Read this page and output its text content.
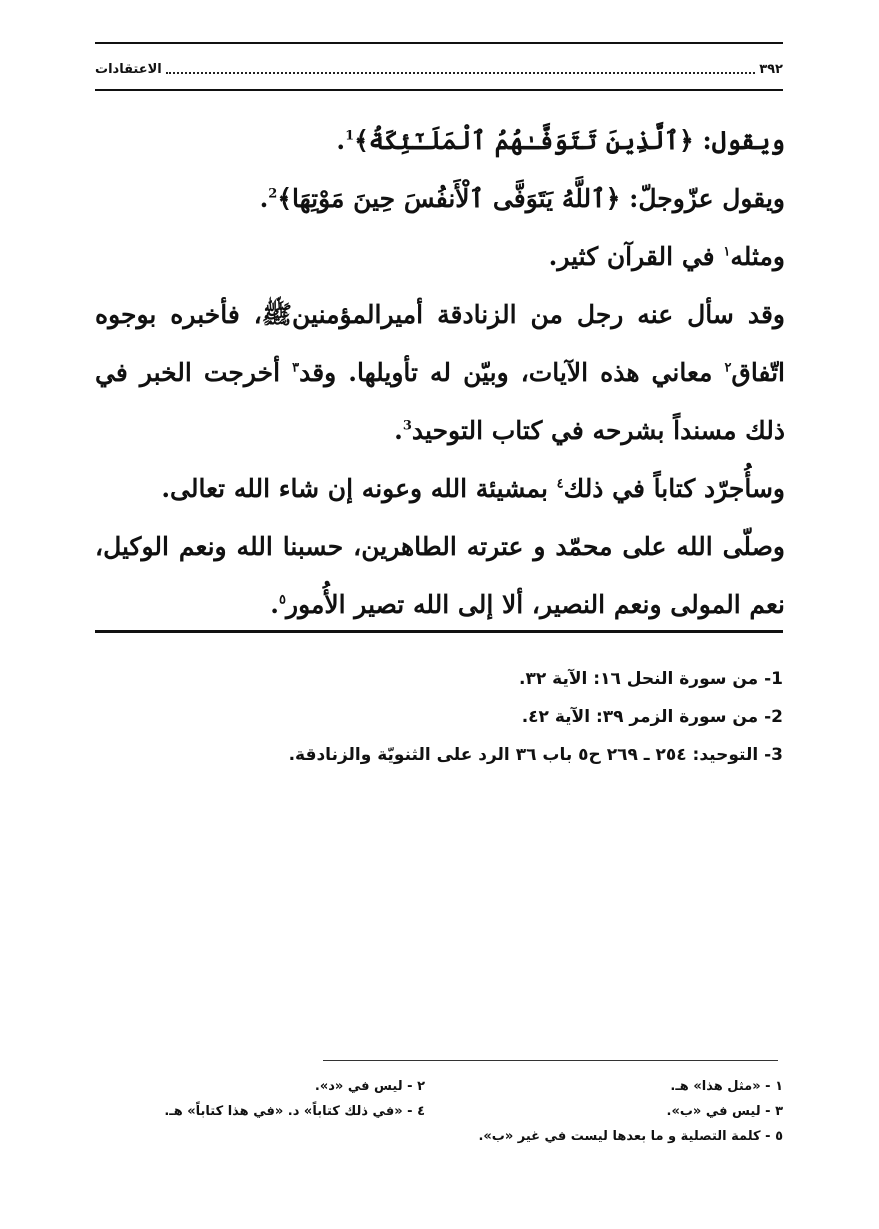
٣٩٢
الاعتقادات

ويقول: ﴿ٱلَّذِينَ تَتَوَفَّـٰهُمُ ٱلْمَلَـٰٓئِكَةُ﴾$^1$.

ويقول عزّوجلّ: ﴿ٱللَّهُ يَتَوَفَّى ٱلْأَنفُسَ حِينَ مَوْتِهَا﴾$^2$.

ومثله$^١$ في القرآن كثير.

وقد سأل عنه رجل من الزنادقة أميرالمؤمنينﷺ، فأخبره بوجوه اتّفاق$^٢$ معاني هذه الآيات، وبيّن له تأويلها. وقد$^٣$ أخرجت الخبر في ذلك مسنداً بشرحه في كتاب التوحيد$^3$.

وسأُجرّد كتاباً في ذلك$^٤$ بمشيئة الله وعونه إن شاء الله تعالى.

وصلّى الله على محمّد و عترته الطاهرين، حسبنا الله ونعم الوكيل، نعم المولى ونعم النصير، ألا إلى الله تصير الأُمور$^٥$.

1- من سورة النحل ١٦: الآية ٣٢.

2- من سورة الزمر ٣٩: الآية ٤٢.

3- التوحيد: ٢٥٤ ـ ٢٦٩ ح٥ باب ٣٦ الرد على الثنويّة والزنادقة.

١ - «مثل هذا» هـ.
٢ - ليس في «د».
٣ - ليس في «ب».
٤ - «في ذلك كتاباً» د. «في هذا كتاباً» هـ.
٥ - كلمة التصلية و ما بعدها ليست في غير «ب».
